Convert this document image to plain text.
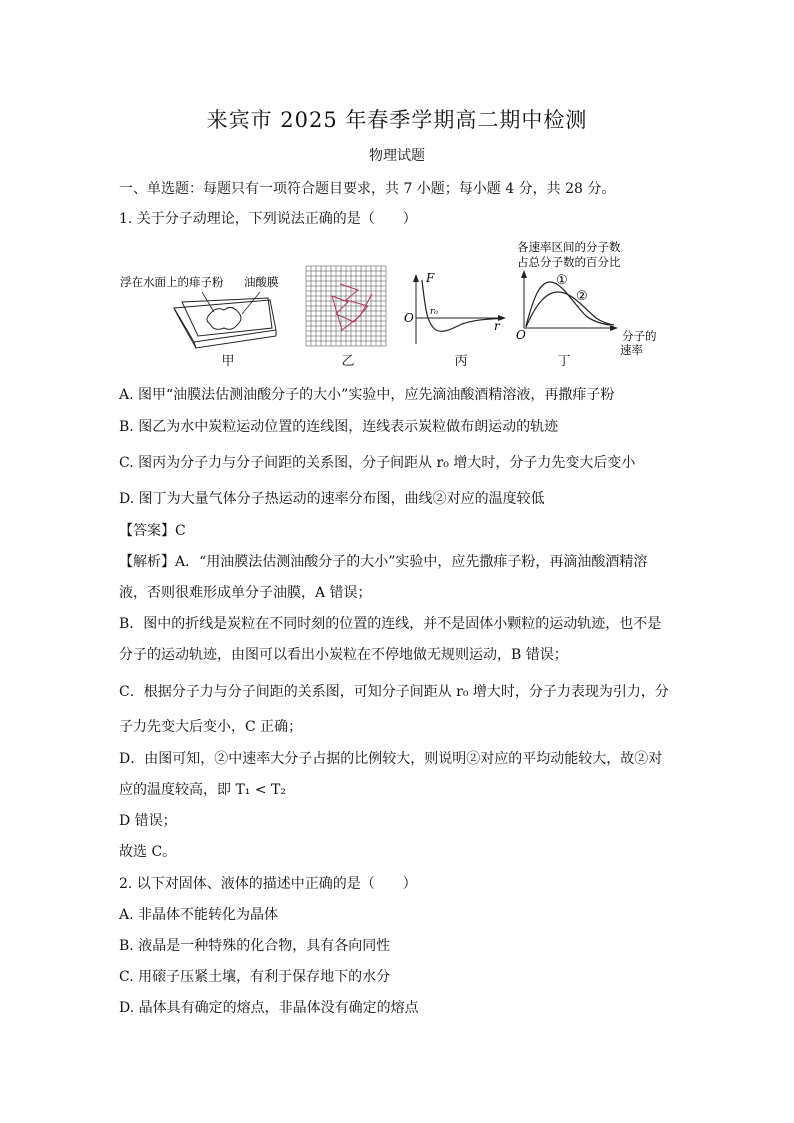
来宾市 2025 年春季学期高二期中检测
物理试题
一、单选题：每题只有一项符合题目要求，共 7 小题；每小题 4 分，共 28 分。
1. 关于分子动理论，下列说法正确的是（　　）
浮在水面上的痱子粉 油酸膜	F
O
r
r₀
各速率区间的分子数
占总分子数的百分比
①
②
O	分子的
速率
甲	乙	丙	丁
A. 图甲“油膜法估测油酸分子的大小”实验中，应先滴油酸酒精溶液，再撒痱子粉
B. 图乙为水中炭粒运动位置的连线图，连线表示炭粒做布朗运动的轨迹
C. 图丙为分子力与分子间距的关系图，分子间距从 r₀ 增大时，分子力先变大后变小
D. 图丁为大量气体分子热运动的速率分布图，曲线②对应的温度较低
【答案】C
【解析】A．“用油膜法估测油酸分子的大小”实验中，应先撒痱子粉，再滴油酸酒精溶
液，否则很难形成单分子油膜，A 错误；
B．图中的折线是炭粒在不同时刻的位置的连线，并不是固体小颗粒的运动轨迹，也不是
分子的运动轨迹，由图可以看出小炭粒在不停地做无规则运动，B 错误；
C．根据分子力与分子间距的关系图，可知分子间距从 r₀ 增大时，分子力表现为引力，分
子力先变大后变小，C 正确；
D．由图可知，②中速率大分子占据的比例较大，则说明②对应的平均动能较大，故②对
应的温度较高，即 T₁ < T₂
D 错误；
故选 C。
2. 以下对固体、液体的描述中正确的是（　　）
A. 非晶体不能转化为晶体
B. 液晶是一种特殊的化合物，具有各向同性
C. 用磙子压紧土壤，有利于保存地下的水分
D. 晶体具有确定的熔点，非晶体没有确定的熔点
